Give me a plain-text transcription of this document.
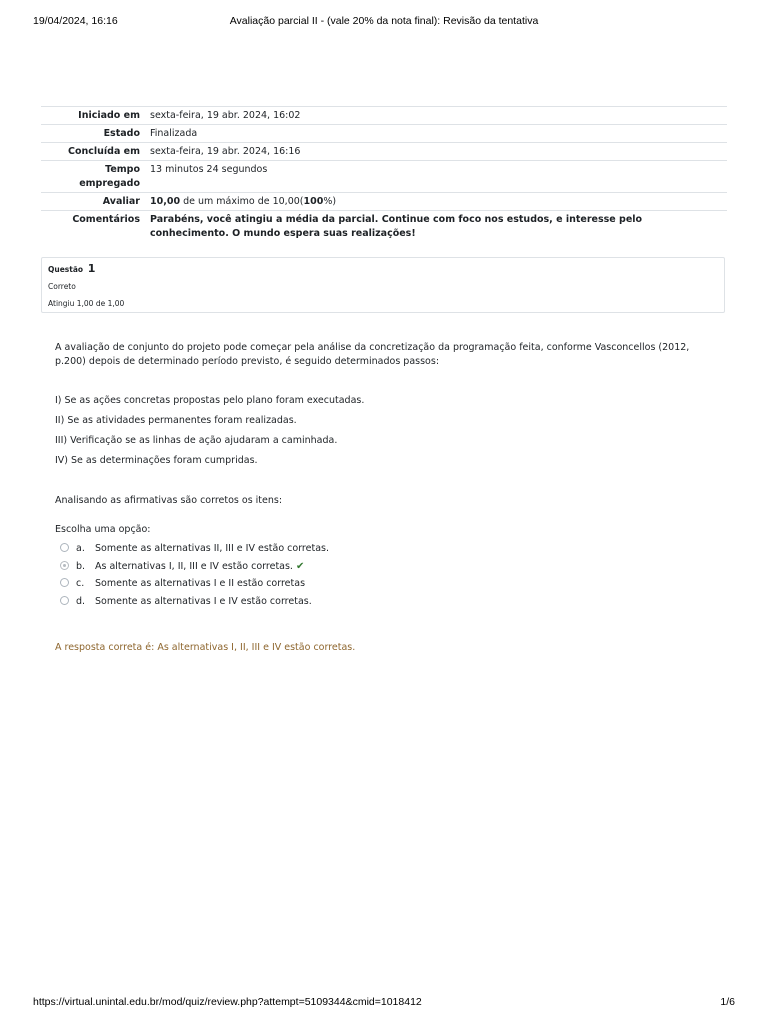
19/04/2024, 16:16	Avaliação parcial II - (vale 20% da nota final): Revisão da tentativa
Iniciado em	sexta-feira, 19 abr. 2024, 16:02
Estado	Finalizada
Concluída em	sexta-feira, 19 abr. 2024, 16:16
Tempo empregado	13 minutos 24 segundos
Avaliar	10,00 de um máximo de 10,00(100%)
Comentários	Parabéns, você atingiu a média da parcial. Continue com foco nos estudos, e interesse pelo conhecimento. O mundo espera suas realizações!
Questão 1
Correto
Atingiu 1,00 de 1,00

A avaliação de conjunto do projeto pode começar pela análise da concretização da programação feita, conforme Vasconcellos (2012, p.200) depois de determinado período previsto, é seguido determinados passos:

I) Se as ações concretas propostas pelo plano foram executadas.

II) Se as atividades permanentes foram realizadas.

III) Verificação se as linhas de ação ajudaram a caminhada.

IV) Se as determinações foram cumpridas.

Analisando as afirmativas são corretos os itens:

Escolha uma opção:
a. Somente as alternativas II, III e IV estão corretas.
b. As alternativas I, II, III e IV estão corretas. ✔
c. Somente as alternativas I e II estão corretas
d. Somente as alternativas I e IV estão corretas.
A resposta correta é: As alternativas I, II, III e IV estão corretas.
https://virtual.unintal.edu.br/mod/quiz/review.php?attempt=5109344&cmid=1018412	1/6
